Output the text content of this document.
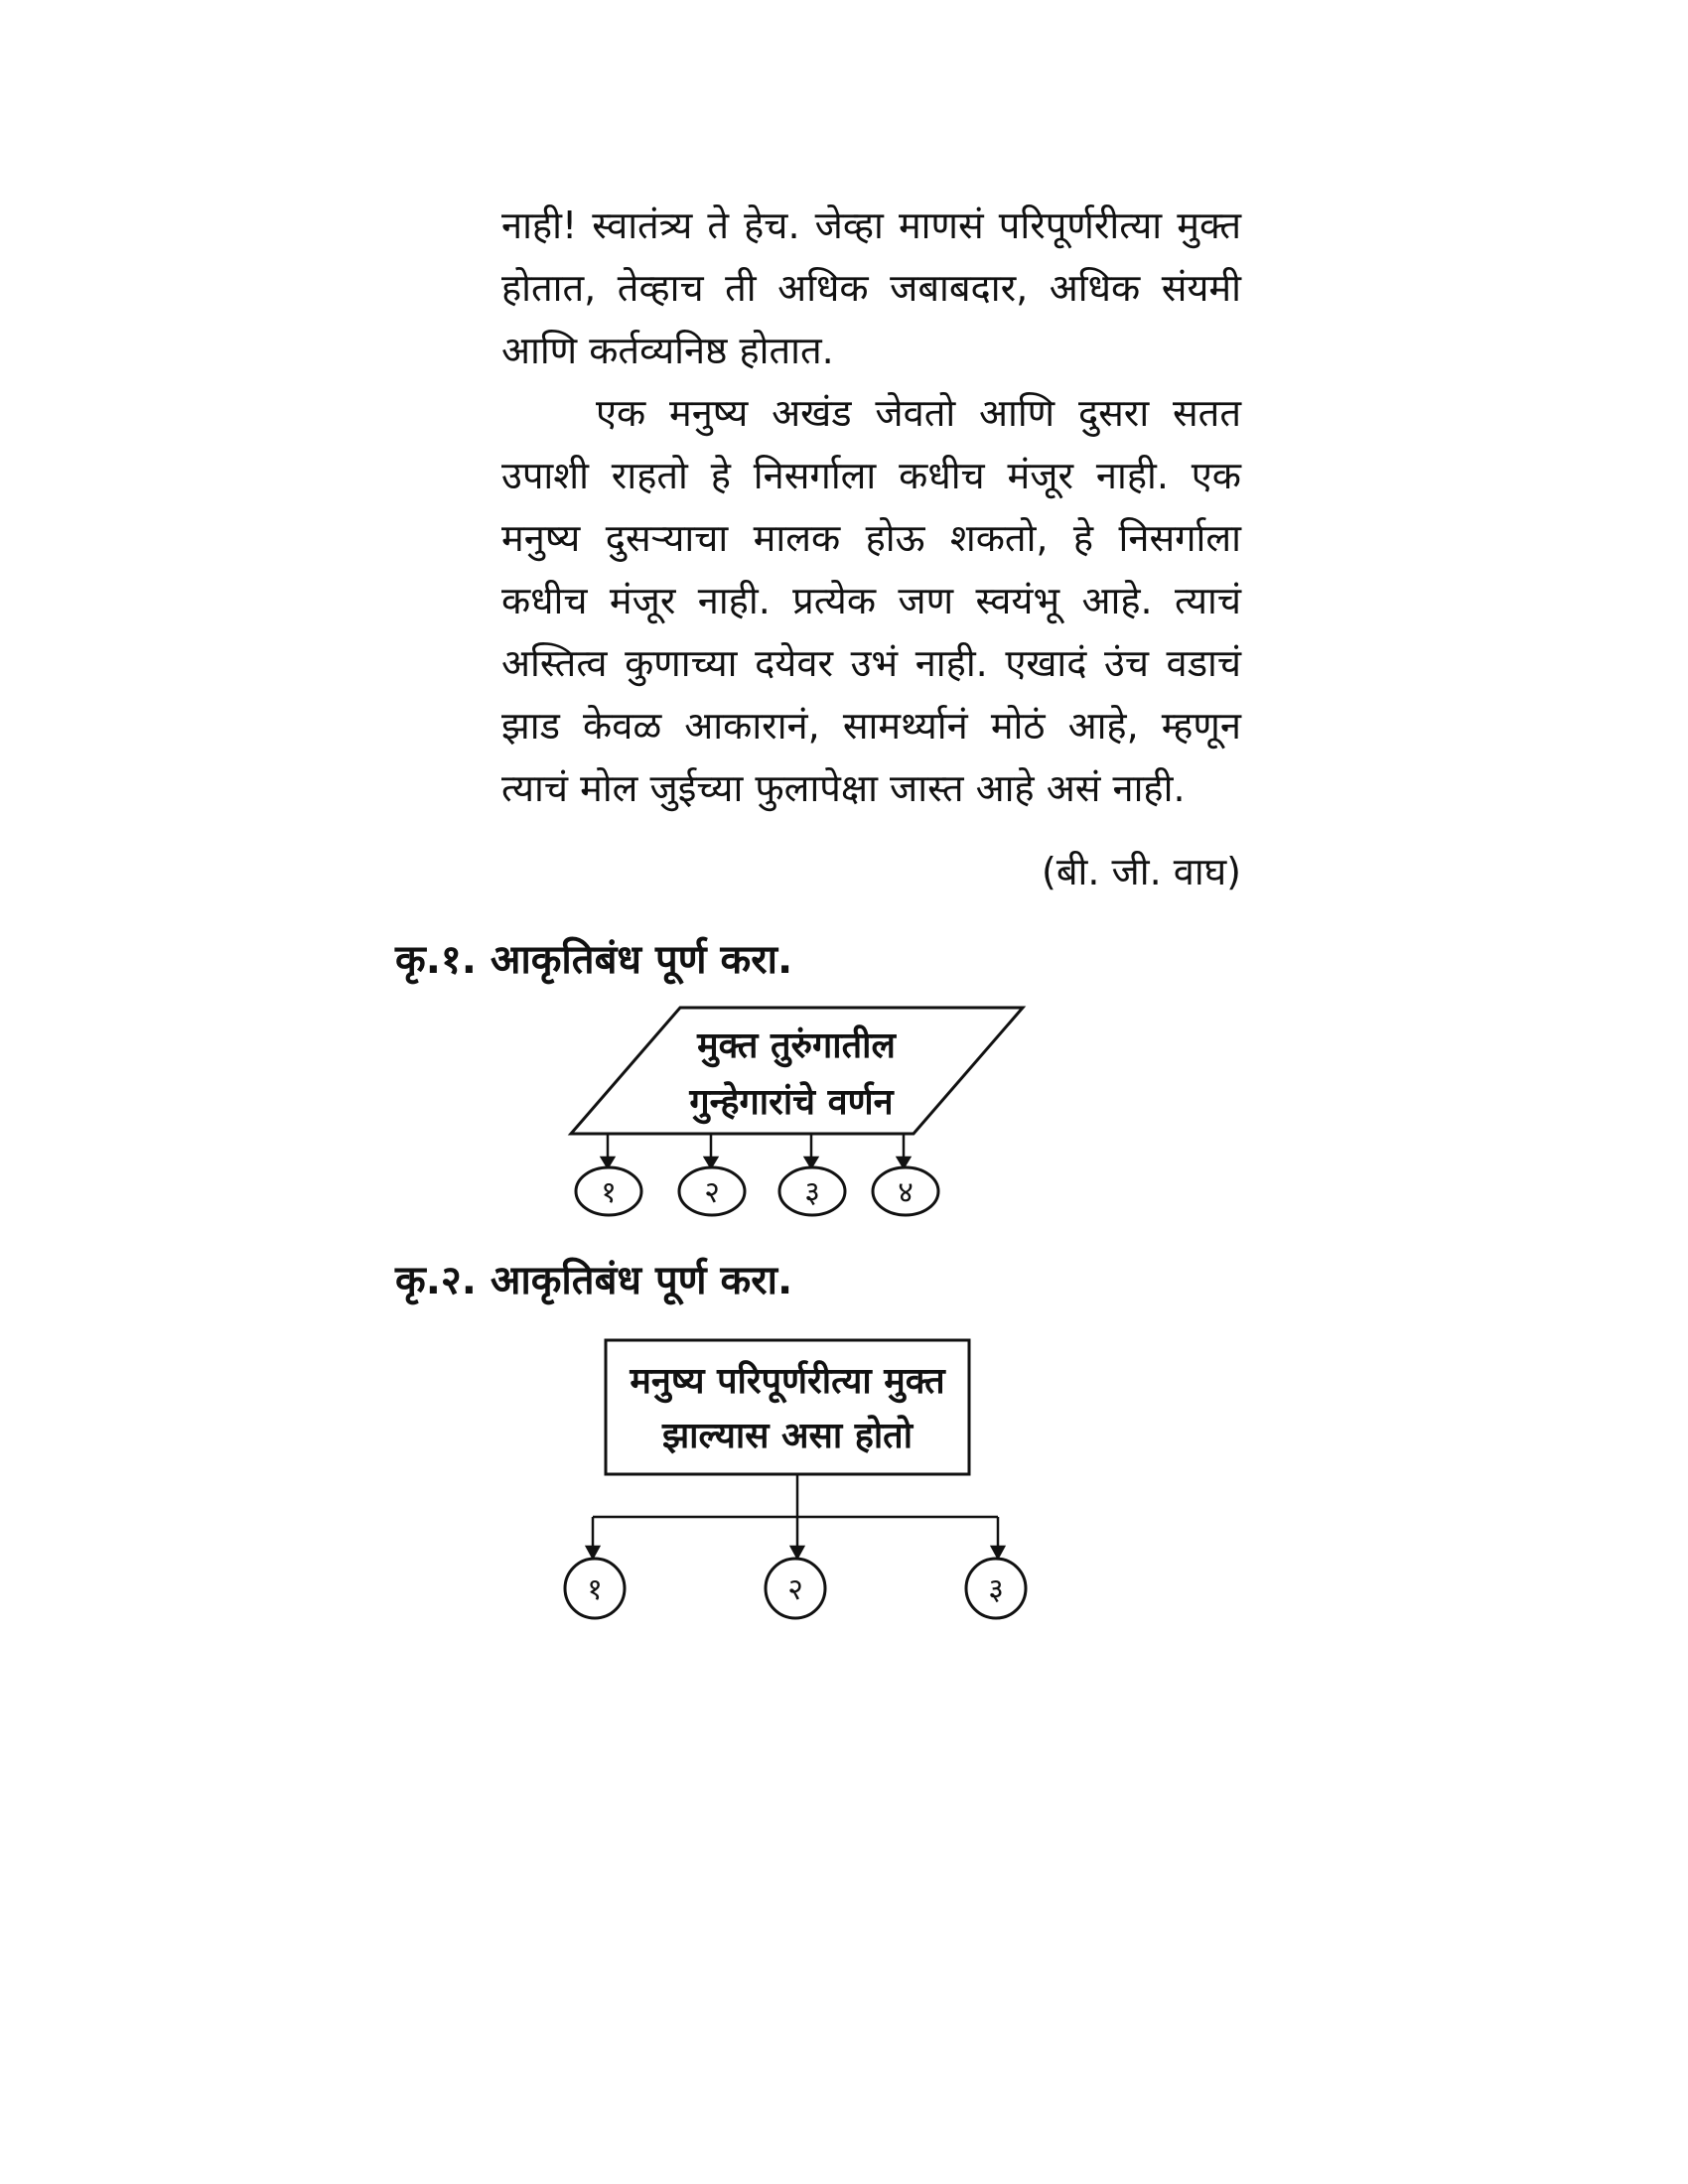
नाही! स्वातंत्र्य ते हेच. जेव्हा माणसं परिपूर्णरीत्या मुक्त होतात, तेव्हाच ती अधिक जबाबदार, अधिक संयमी आणि कर्तव्यनिष्ठ होतात.

एक मनुष्य अखंड जेवतो आणि दुसरा सतत उपाशी राहतो हे निसर्गाला कधीच मंजूर नाही. एक मनुष्य दुसऱ्याचा मालक होऊ शकतो, हे निसर्गाला कधीच मंजूर नाही. प्रत्येक जण स्वयंभू आहे. त्याचं अस्तित्व कुणाच्या दयेवर उभं नाही. एखादं उंच वडाचं झाड केवळ आकारानं, सामर्थ्यानं मोठं आहे, म्हणून त्याचं मोल जुईच्या फुलापेक्षा जास्त आहे असं नाही.

(बी. जी. वाघ)
कृ.१. आकृतिबंध पूर्ण करा.
मुक्त तुरुंगातील
गुन्हेगारांचे वर्णन
१	२	३	४
कृ.२. आकृतिबंध पूर्ण करा.
मनुष्य परिपूर्णरीत्या मुक्त
झाल्यास असा होतो
१	२	३
